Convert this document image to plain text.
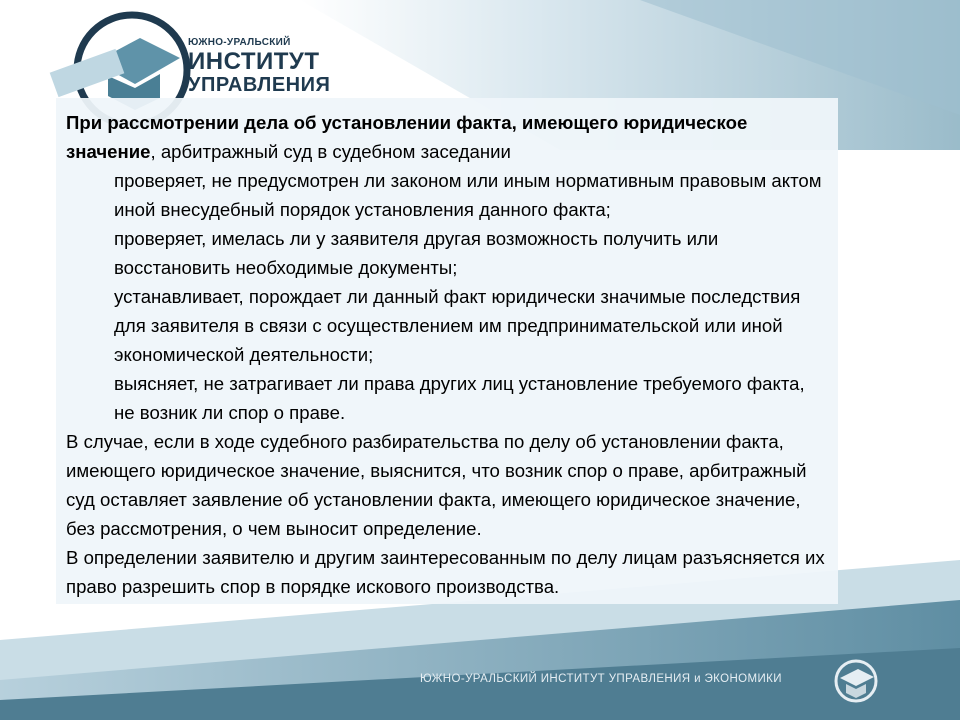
ЮЖНО-УРАЛЬСКИЙ
ИНСТИТУТ
УПРАВЛЕНИЯ

При рассмотрении дела об установлении факта, имеющего юридическое значение, арбитражный суд в судебном заседании

проверяет, не предусмотрен ли законом или иным нормативным правовым актом иной внесудебный порядок установления данного факта;

проверяет, имелась ли у заявителя другая возможность получить или восстановить необходимые документы;

устанавливает, порождает ли данный факт юридически значимые последствия для заявителя в связи с осуществлением им предпринимательской или иной экономической деятельности;

выясняет, не затрагивает ли права других лиц установление требуемого факта, не возник ли спор о праве.

В случае, если в ходе судебного разбирательства по делу об установлении факта, имеющего юридическое значение, выяснится, что возник спор о праве, арбитражный суд оставляет заявление об установлении факта, имеющего юридическое значение, без рассмотрения, о чем выносит определение.

В определении заявителю и другим заинтересованным по делу лицам разъясняется их право разрешить спор в порядке искового производства.

ЮЖНО-УРАЛЬСКИЙ ИНСТИТУТ УПРАВЛЕНИЯ и ЭКОНОМИКИ
